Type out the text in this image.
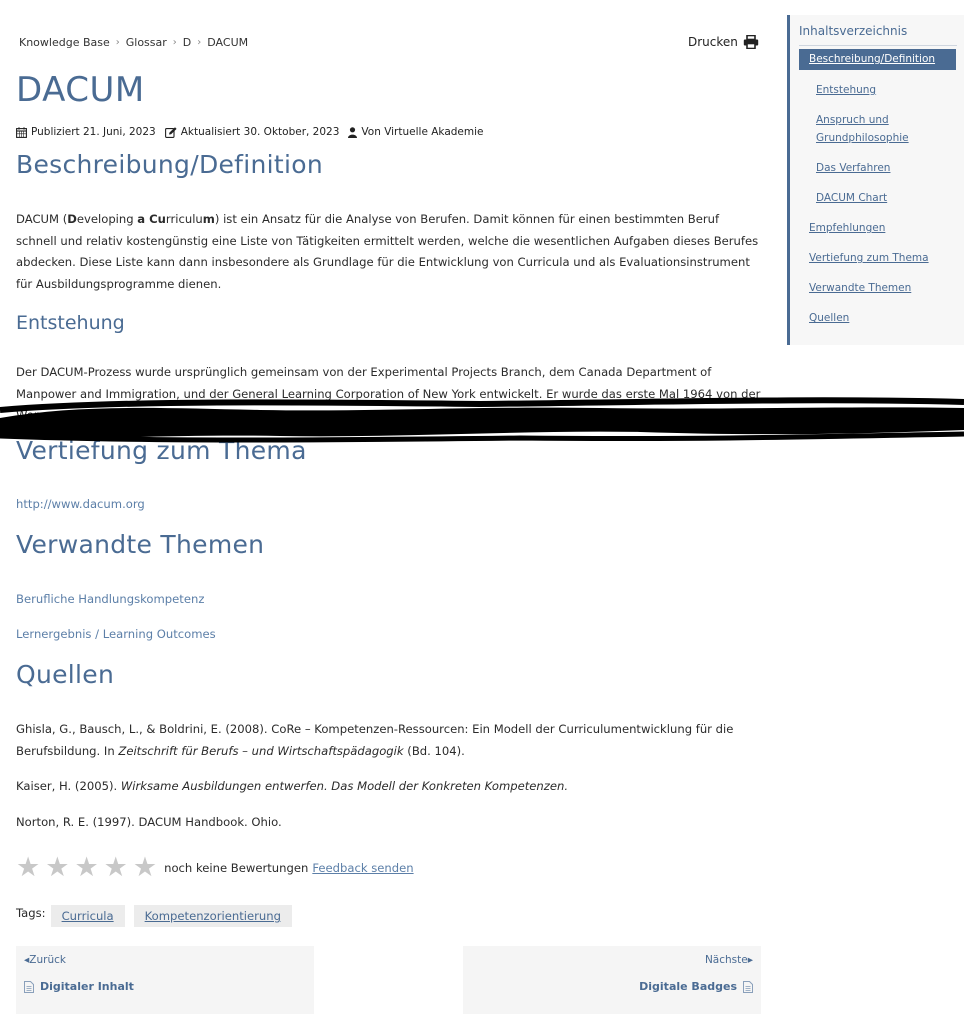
Knowledge Base › Glossar › D › DACUM	Drucken
DACUM
Publiziert 21. Juni, 2023 Aktualisiert 30. Oktober, 2023 Von Virtuelle Akademie
Beschreibung/Definition

DACUM (Developing a Curriculum) ist ein Ansatz für die Analyse von Berufen. Damit können für einen bestimmten Beruf schnell und relativ kostengünstig eine Liste von Tätigkeiten ermittelt werden, welche die wesentlichen Aufgaben dieses Berufes abdecken. Diese Liste kann dann insbesondere als Grundlage für die Entwicklung von Curricula und als Evaluationsinstrument für Ausbildungsprogramme dienen.

Entstehung

Der DACUM-Prozess wurde ursprünglich gemeinsam von der Experimental Projects Branch, dem Canada Department of Manpower and Immigration, und der General Learning Corporation of New York entwickelt. Er wurde das erste Mal 1964 von der

Vertiefung zum Thema
http://www.dacum.org
Verwandte Themen
Berufliche Handlungskompetenz
Lernergebnis / Learning Outcomes
Quellen

Ghisla, G., Bausch, L., & Boldrini, E. (2008). CoRe – Kompetenzen-Ressourcen: Ein Modell der Curriculumentwicklung für die Berufsbildung. In Zeitschrift für Berufs – und Wirtschaftspädagogik (Bd. 104).

Kaiser, H. (2005). Wirksame Ausbildungen entwerfen. Das Modell der Konkreten Kompetenzen.

Norton, R. E. (1997). DACUM Handbook. Ohio.

★ ★ ★ ★ ★ noch keine Bewertungen Feedback senden
Tags:	Curricula	Kompetenzorientierung
◂Zurück
Digitaler Inhalt
Nächste▸
Digitale Badges
Inhaltsverzeichnis
Beschreibung/Definition
Entstehung
Anspruch und Grundphilosophie
Das Verfahren
DACUM Chart
Empfehlungen
Vertiefung zum Thema
Verwandte Themen
Quellen
